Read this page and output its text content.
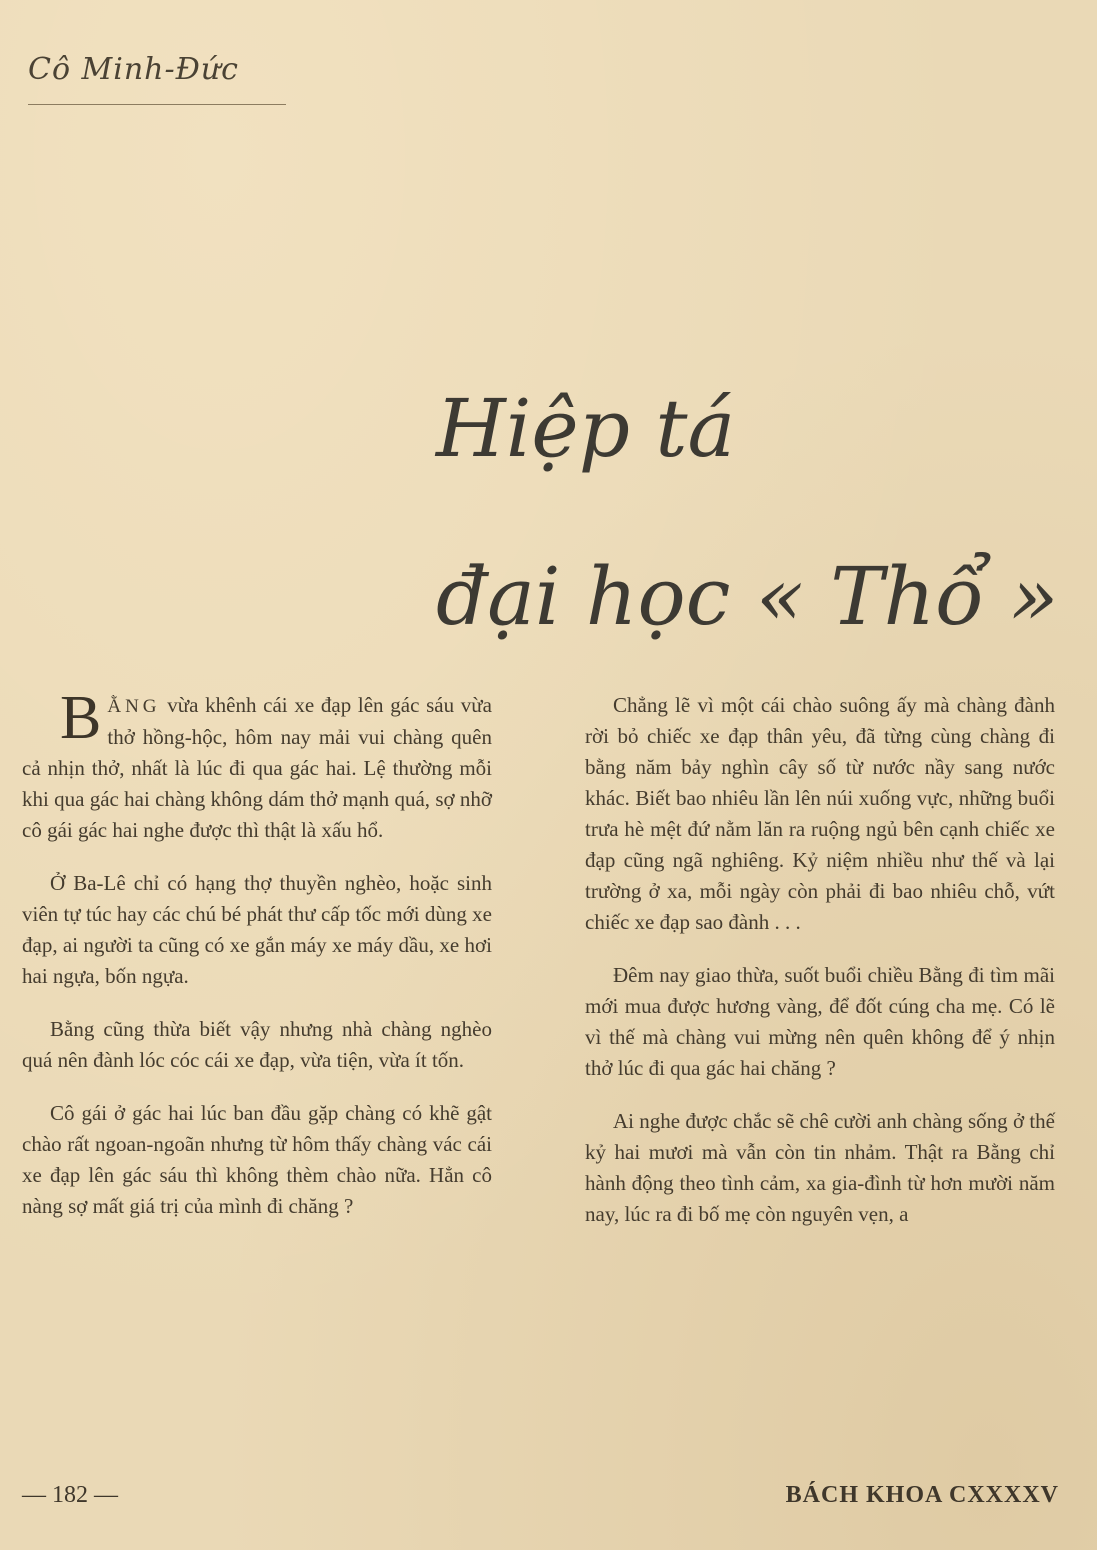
Cô Minh-Đức
Hiệp tá
đại học « Thổ »

BẰNG vừa khênh cái xe đạp lên gác sáu vừa thở hồng-hộc, hôm nay mải vui chàng quên cả nhịn thở, nhất là lúc đi qua gác hai. Lệ thường mỗi khi qua gác hai chàng không dám thở mạnh quá, sợ nhỡ cô gái gác hai nghe được thì thật là xấu hổ.

Ở Ba-Lê chỉ có hạng thợ thuyền nghèo, hoặc sinh viên tự túc hay các chú bé phát thư cấp tốc mới dùng xe đạp, ai người ta cũng có xe gắn máy xe máy dầu, xe hơi hai ngựa, bốn ngựa.

Bằng cũng thừa biết vậy nhưng nhà chàng nghèo quá nên đành lóc cóc cái xe đạp, vừa tiện, vừa ít tốn.

Cô gái ở gác hai lúc ban đầu gặp chàng có khẽ gật chào rất ngoan-ngoãn nhưng từ hôm thấy chàng vác cái xe đạp lên gác sáu thì không thèm chào nữa. Hẳn cô nàng sợ mất giá trị của mình đi chăng ?

Chẳng lẽ vì một cái chào suông ấy mà chàng đành rời bỏ chiếc xe đạp thân yêu, đã từng cùng chàng đi bằng năm bảy nghìn cây số từ nước nầy sang nước khác. Biết bao nhiêu lần lên núi xuống vực, những buổi trưa hè mệt đứ nằm lăn ra ruộng ngủ bên cạnh chiếc xe đạp cũng ngã nghiêng. Kỷ niệm nhiều như thế và lại trường ở xa, mỗi ngày còn phải đi bao nhiêu chỗ, vứt chiếc xe đạp sao đành . . .

Đêm nay giao thừa, suốt buổi chiều Bằng đi tìm mãi mới mua được hương vàng, để đốt cúng cha mẹ. Có lẽ vì thế mà chàng vui mừng nên quên không để ý nhịn thở lúc đi qua gác hai chăng ?

Ai nghe được chắc sẽ chê cười anh chàng sống ở thế kỷ hai mươi mà vẫn còn tin nhảm. Thật ra Bằng chỉ hành động theo tình cảm, xa gia-đình từ hơn mười năm nay, lúc ra đi bố mẹ còn nguyên vẹn, a

— 182 —	BÁCH KHOA CXXXXV
